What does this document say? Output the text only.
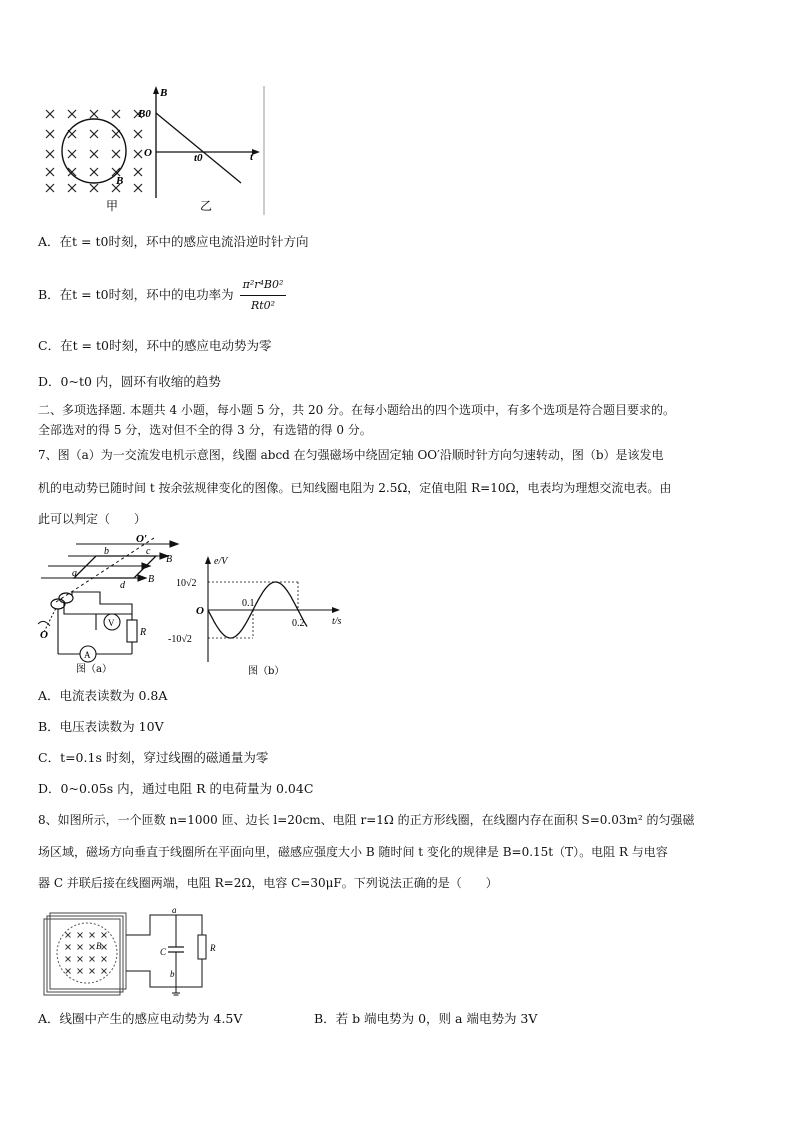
B
B
B0
O	t0	t
甲	乙
A．在t = t0时刻，环中的感应电流沿逆时针方向
B．在t = t0时刻，环中的电功率为 $\frac{\text{π²r⁴B0²}}{\text{Rt0²}}$
C．在t = t0时刻，环中的感应电动势为零
D．0~t0 内，圆环有收缩的趋势
二、多项选择题. 本题共 4 小题，每小题 5 分，共 20 分。在每小题给出的四个选项中，有多个选项是符合题目要求的。
全部选对的得 5 分，选对但不全的得 3 分，有选错的得 0 分。
7、图（a）为一交流发电机示意图，线圈 abcd 在匀强磁场中绕固定轴 OO′沿顺时针方向匀速转动，图（b）是该发电
机的电动势已随时间 t 按余弦规律变化的图像。已知线圈电阻为 2.5Ω，定值电阻 R=10Ω，电表均为理想交流电表。由
此可以判定（　　）
O′
b	c
a
d
B
B
O
V
A
R
图（a）
e/V
10√2
O
-10√2
0.1
0.2	t/s
图（b）
A．电流表读数为 0.8A
B．电压表读数为 10V
C．t=0.1s 时刻，穿过线圈的磁通量为零
D．0~0.05s 内，通过电阻 R 的电荷量为 0.04C
8、如图所示，一个匝数 n=1000 匝、边长 l=20cm、电阻 r=1Ω 的正方形线圈，在线圈内存在面积 S=0.03m² 的匀强磁
场区域，磁场方向垂直于线圈所在平面向里，磁感应强度大小 B 随时间 t 变化的规律是 B=0.15t（T）。电阻 R 与电容
器 C 并联后接在线圈两端，电阻 R=2Ω，电容 C=30μF。下列说法正确的是（　　）
a
B
C
b
R
A．线圈中产生的感应电动势为 4.5V	B．若 b 端电势为 0，则 a 端电势为 3V
